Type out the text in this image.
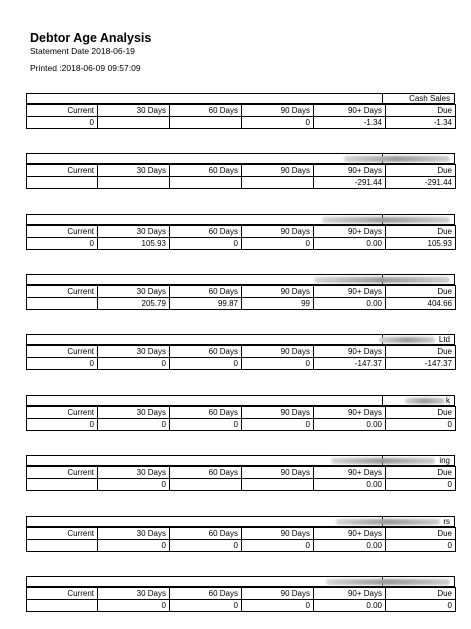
Debtor Age Analysis
Statement Date 2018-06-19
Printed :2018-06-09 09:57:09
Cash Sales
Current	30 Days	60 Days	90 Days	90+ Days	Due
0			0	-1.34	-1.34
Current	30 Days	60 Days	90 Days	90+ Days	Due
				-291.44	-291.44
Current	30 Days	60 Days	90 Days	90+ Days	Due
0	105.93	0	0	0.00	105.93
Current	30 Days	60 Days	90 Days	90+ Days	Due
	205.79	99.87	99	0.00	404.66
Ltd
Current	30 Days	60 Days	90 Days	90+ Days	Due
0	0	0	0	-147.37	-147.37
k
Current	30 Days	60 Days	90 Days	90+ Days	Due
0	0	0	0	0.00	0
ing
Current	30 Days	60 Days	90 Days	90+ Days	Due
	0			0.00	0
rs
Current	30 Days	60 Days	90 Days	90+ Days	Due
	0	0	0	0.00	0
Current	30 Days	60 Days	90 Days	90+ Days	Due
	0	0	0	0.00	0
